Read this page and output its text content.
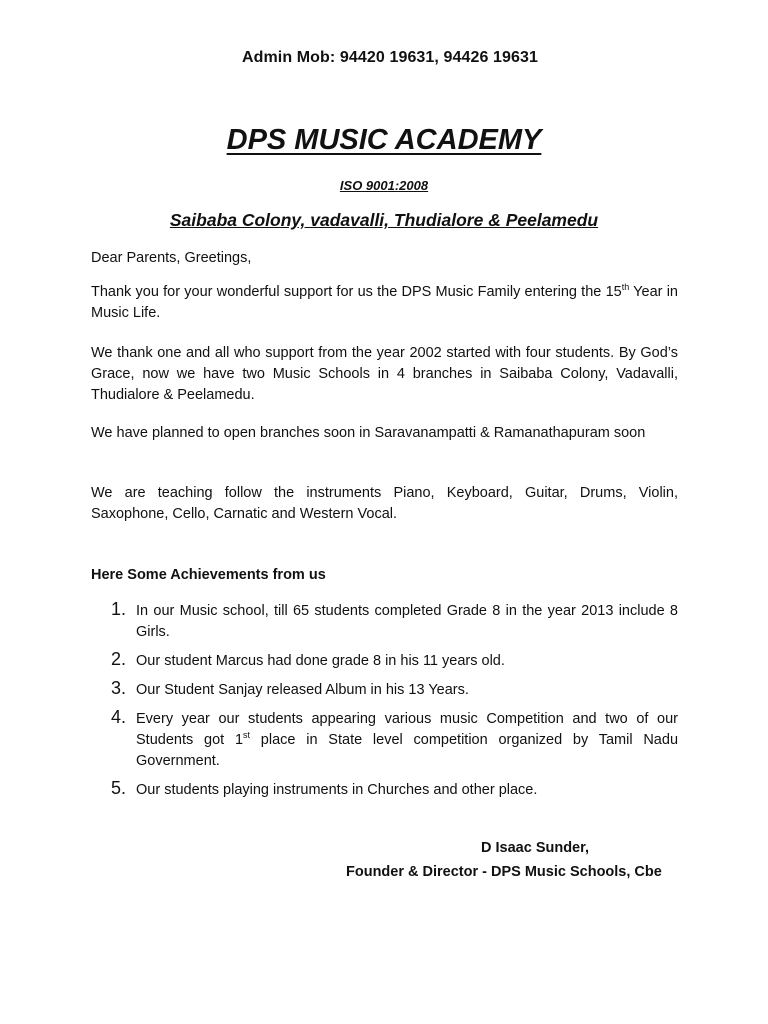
Admin Mob: 94420 19631, 94426 19631
DPS MUSIC ACADEMY
ISO 9001:2008
Saibaba Colony, vadavalli, Thudialore & Peelamedu

Dear Parents, Greetings,

Thank you for your wonderful support for us the DPS Music Family entering the 15th Year in Music Life.

We thank one and all who support from the year 2002 started with four students. By God’s Grace, now we have two Music Schools in 4 branches in Saibaba Colony, Vadavalli, Thudialore & Peelamedu.

We have planned to open branches soon in Saravanampatti & Ramanathapuram soon

We are teaching follow the instruments Piano, Keyboard, Guitar, Drums, Violin, Saxophone, Cello, Carnatic and Western Vocal.

Here Some Achievements from us
1. In our Music school, till 65 students completed Grade 8 in the year 2013 include 8 Girls.
2. Our student Marcus had done grade 8 in his 11 years old.
3. Our Student Sanjay released Album in his 13 Years.
4. Every year our students appearing various music Competition and two of our Students got 1st place in State level competition organized by Tamil Nadu Government.
5. Our students playing instruments in Churches and other place.
D Isaac Sunder,
Founder & Director - DPS Music Schools, Cbe
